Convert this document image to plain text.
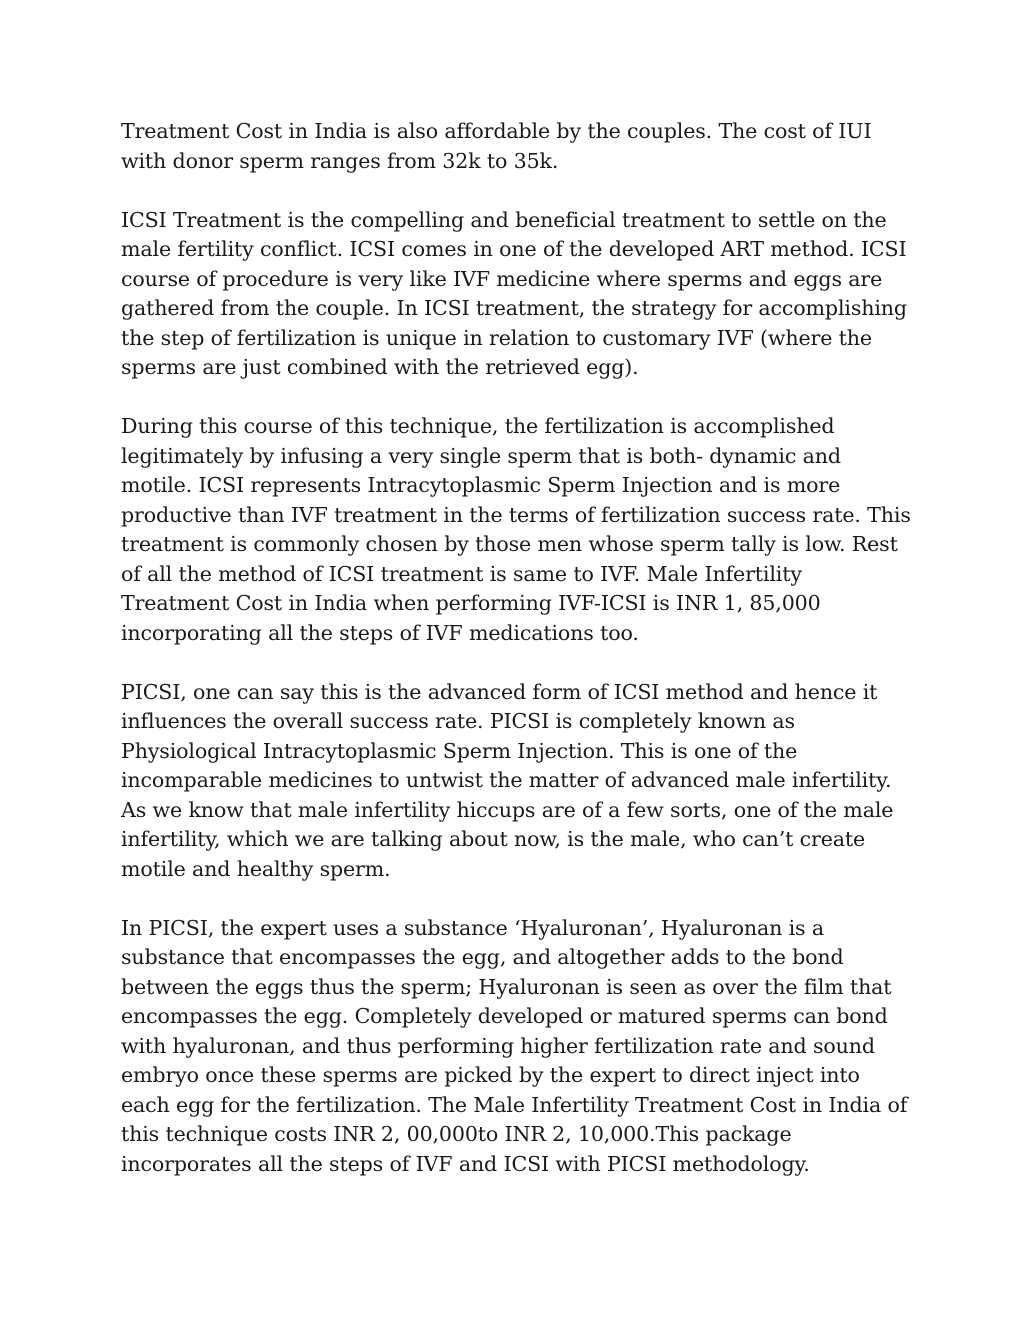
Treatment Cost in India is also affordable by the couples. The cost of IUI with donor sperm ranges from 32k to 35k.

ICSI Treatment is the compelling and beneficial treatment to settle on the male fertility conflict. ICSI comes in one of the developed ART method. ICSI course of procedure is very like IVF medicine where sperms and eggs are gathered from the couple. In ICSI treatment, the strategy for accomplishing the step of fertilization is unique in relation to customary IVF (where the sperms are just combined with the retrieved egg).

During this course of this technique, the fertilization is accomplished legitimately by infusing a very single sperm that is both- dynamic and motile. ICSI represents Intracytoplasmic Sperm Injection and is more productive than IVF treatment in the terms of fertilization success rate. This treatment is commonly chosen by those men whose sperm tally is low. Rest of all the method of ICSI treatment is same to IVF. Male Infertility Treatment Cost in India when performing IVF-ICSI is INR 1, 85,000 incorporating all the steps of IVF medications too.

PICSI, one can say this is the advanced form of ICSI method and hence it influences the overall success rate. PICSI is completely known as Physiological Intracytoplasmic Sperm Injection. This is one of the incomparable medicines to untwist the matter of advanced male infertility. As we know that male infertility hiccups are of a few sorts, one of the male infertility, which we are talking about now, is the male, who can’t create motile and healthy sperm.

In PICSI, the expert uses a substance ‘Hyaluronan’, Hyaluronan is a substance that encompasses the egg, and altogether adds to the bond between the eggs thus the sperm; Hyaluronan is seen as over the film that encompasses the egg. Completely developed or matured sperms can bond with hyaluronan, and thus performing higher fertilization rate and sound embryo once these sperms are picked by the expert to direct inject into each egg for the fertilization. The Male Infertility Treatment Cost in India of this technique costs INR 2, 00,000to INR 2, 10,000.This package incorporates all the steps of IVF and ICSI with PICSI methodology.
